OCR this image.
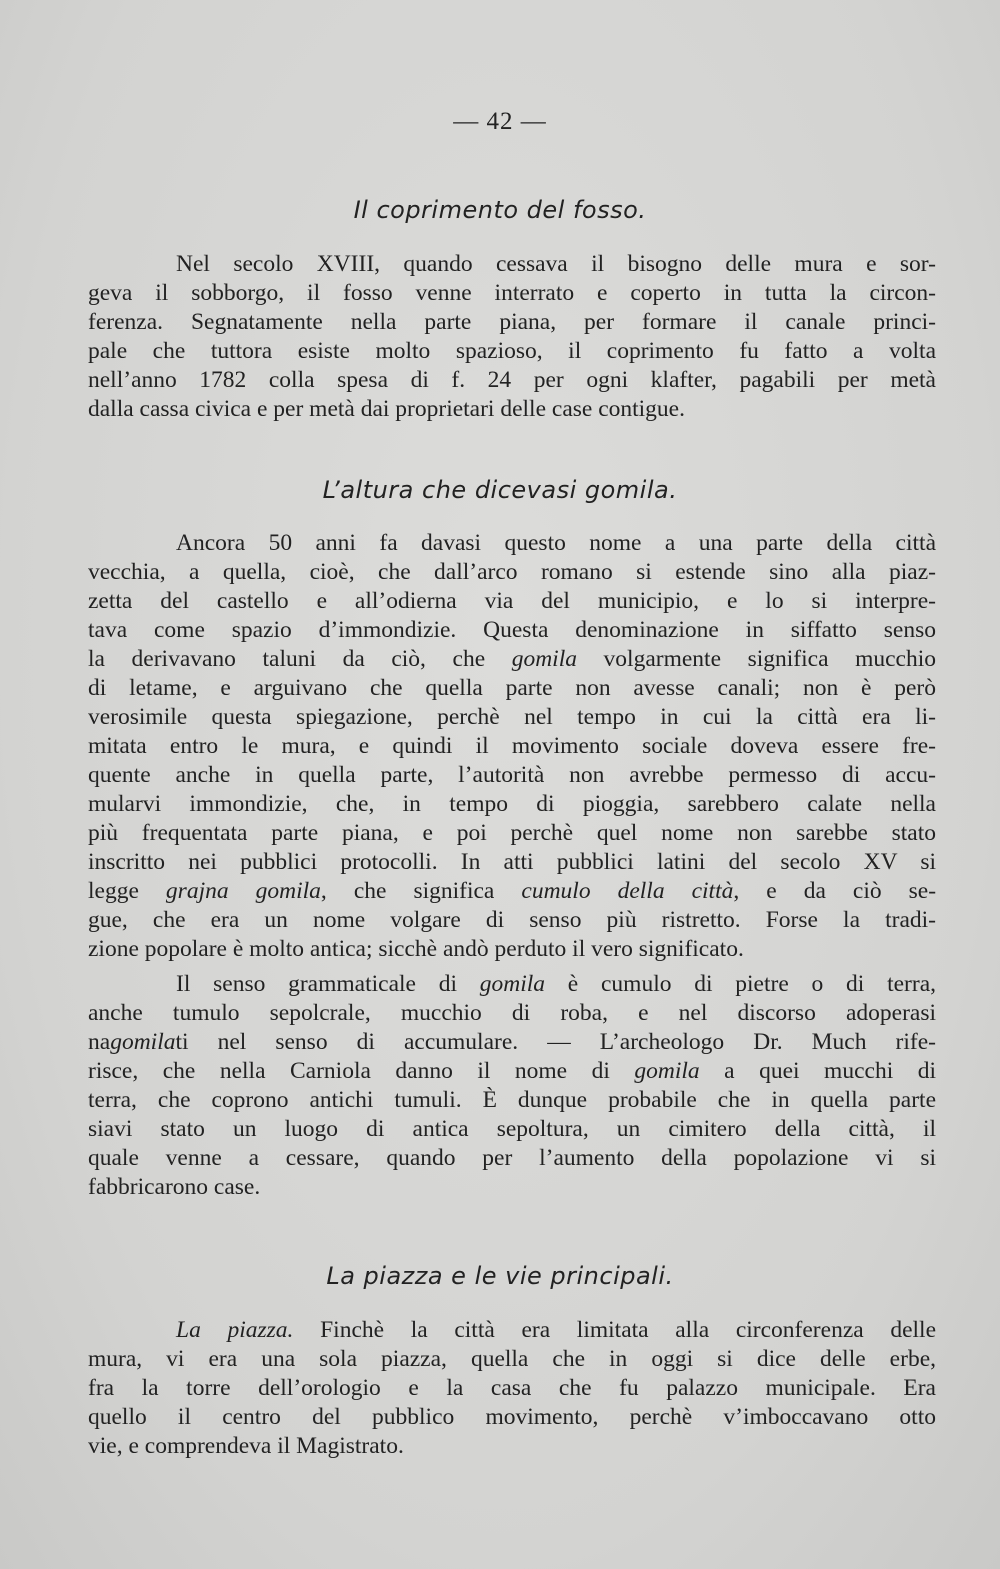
— 42 —
Il coprimento del fosso.
Nel secolo XVIII, quando cessava il bisogno delle mura e sor-
geva il sobborgo, il fosso venne interrato e coperto in tutta la circon-
ferenza. Segnatamente nella parte piana, per formare il canale princi-
pale che tuttora esiste molto spazioso, il coprimento fu fatto a volta
nell’anno 1782 colla spesa di f. 24 per ogni klafter, pagabili per metà
dalla cassa civica e per metà dai proprietari delle case contigue.
L’altura che dicevasi gomila.
Ancora 50 anni fa davasi questo nome a una parte della città
vecchia, a quella, cioè, che dall’arco romano si estende sino alla piaz-
zetta del castello e all’odierna via del municipio, e lo si interpre-
tava come spazio d’immondizie. Questa denominazione in siffatto senso
la derivavano taluni da ciò, che gomila volgarmente significa mucchio
di letame, e arguivano che quella parte non avesse canali; non è però
verosimile questa spiegazione, perchè nel tempo in cui la città era li-
mitata entro le mura, e quindi il movimento sociale doveva essere fre-
quente anche in quella parte, l’autorità non avrebbe permesso di accu-
mularvi immondizie, che, in tempo di pioggia, sarebbero calate nella
più frequentata parte piana, e poi perchè quel nome non sarebbe stato
inscritto nei pubblici protocolli. In atti pubblici latini del secolo XV si
legge grajna gomila, che significa cumulo della città, e da ciò se-
gue, che era un nome volgare di senso più ristretto. Forse la tradi-
zione popolare è molto antica; sicchè andò perduto il vero significato.
Il senso grammaticale di gomila è cumulo di pietre o di terra,
anche tumulo sepolcrale, mucchio di roba, e nel discorso adoperasi
nagomilati nel senso di accumulare. — L’archeologo Dr. Much rife-
risce, che nella Carniola danno il nome di gomila a quei mucchi di
terra, che coprono antichi tumuli. È dunque probabile che in quella parte
siavi stato un luogo di antica sepoltura, un cimitero della città, il
quale venne a cessare, quando per l’aumento della popolazione vi si
fabbricarono case.
La piazza e le vie principali.
La piazza. Finchè la città era limitata alla circonferenza delle
mura, vi era una sola piazza, quella che in oggi si dice delle erbe,
fra la torre dell’orologio e la casa che fu palazzo municipale. Era
quello il centro del pubblico movimento, perchè v’imboccavano otto
vie, e comprendeva il Magistrato.
